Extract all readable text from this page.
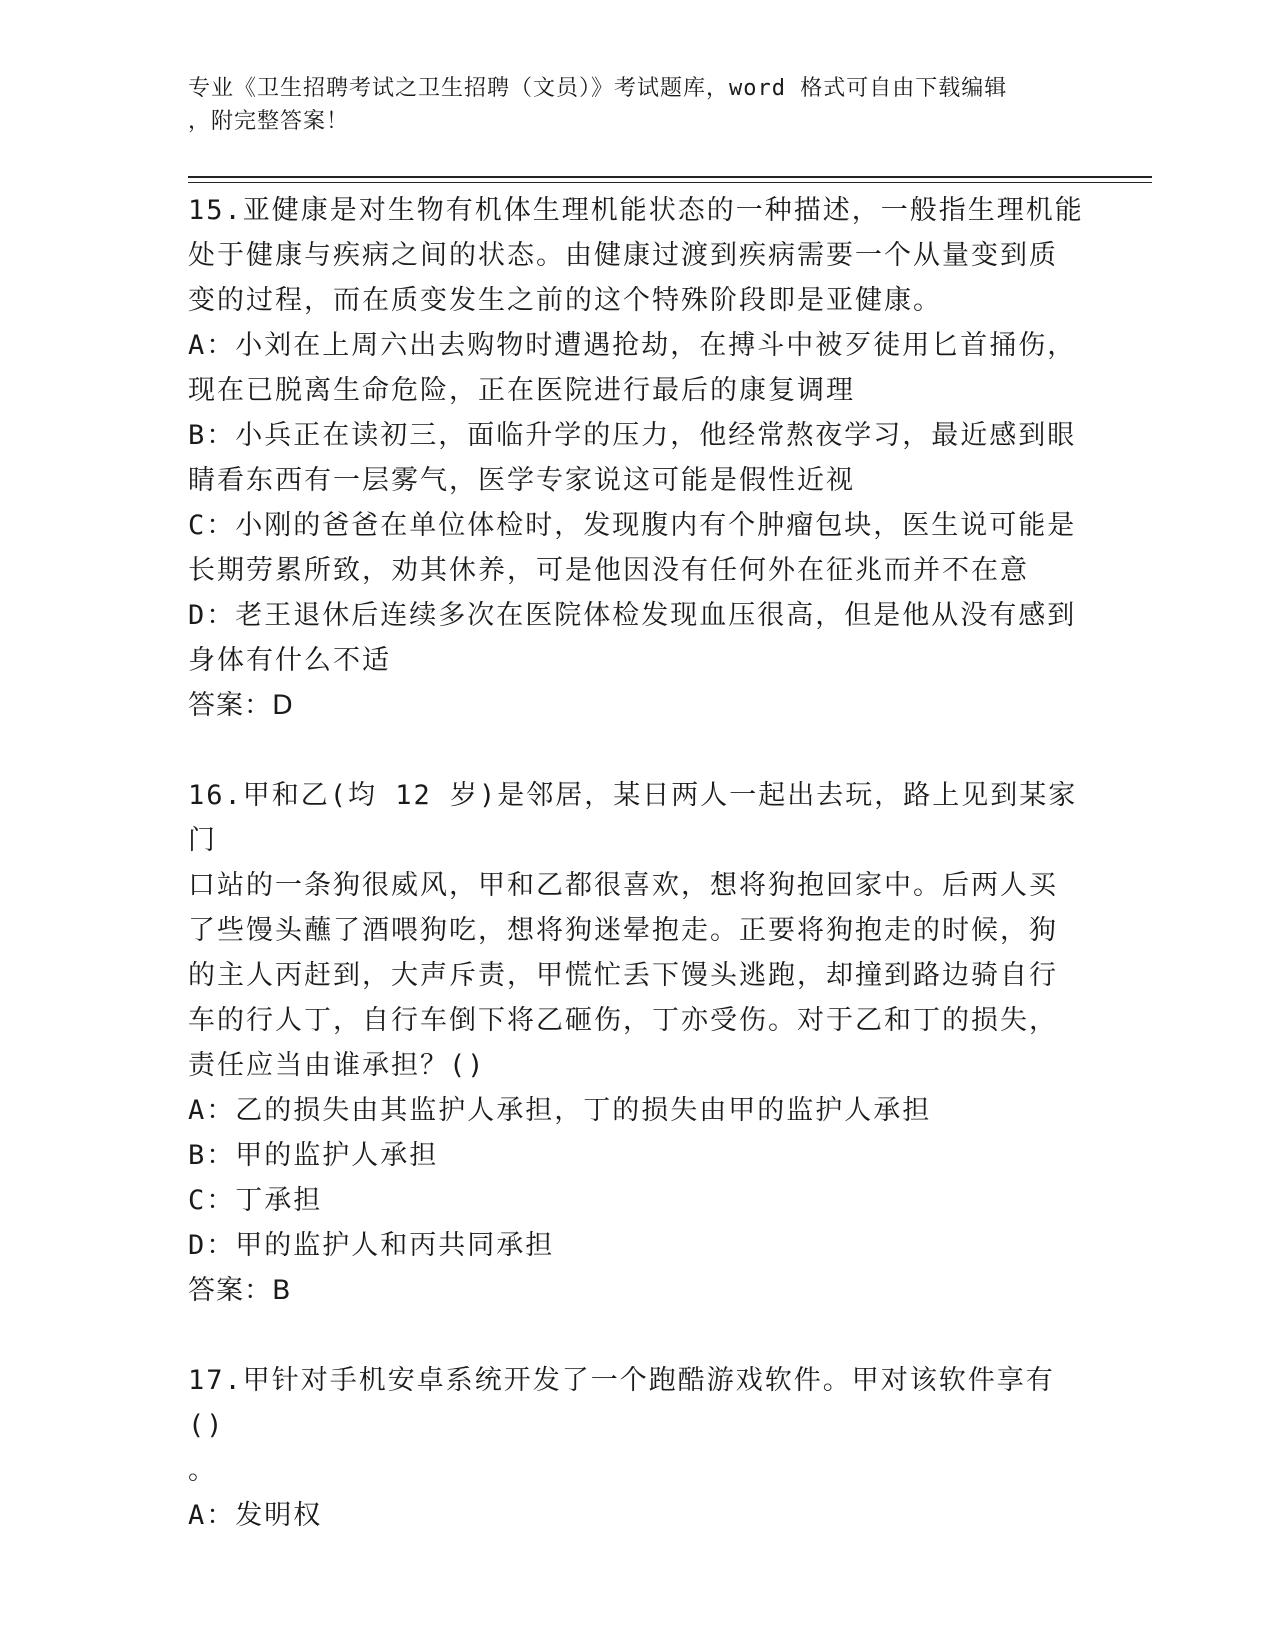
专业《卫生招聘考试之卫生招聘（文员）》考试题库，word 格式可自由下载编辑
，附完整答案！

15.亚健康是对生物有机体生理机能状态的一种描述，一般指生理机能

处于健康与疾病之间的状态。由健康过渡到疾病需要一个从量变到质

变的过程，而在质变发生之前的这个特殊阶段即是亚健康。

A：小刘在上周六出去购物时遭遇抢劫，在搏斗中被歹徒用匕首捅伤，

现在已脱离生命危险，正在医院进行最后的康复调理

B：小兵正在读初三，面临升学的压力，他经常熬夜学习，最近感到眼

睛看东西有一层雾气，医学专家说这可能是假性近视

C：小刚的爸爸在单位体检时，发现腹内有个肿瘤包块，医生说可能是

长期劳累所致，劝其休养，可是他因没有任何外在征兆而并不在意

D：老王退休后连续多次在医院体检发现血压很高，但是他从没有感到

身体有什么不适

答案：D

16.甲和乙(均 12 岁)是邻居，某日两人一起出去玩，路上见到某家门

口站的一条狗很威风，甲和乙都很喜欢，想将狗抱回家中。后两人买

了些馒头蘸了酒喂狗吃，想将狗迷晕抱走。正要将狗抱走的时候，狗

的主人丙赶到，大声斥责，甲慌忙丢下馒头逃跑，却撞到路边骑自行

车的行人丁，自行车倒下将乙砸伤，丁亦受伤。对于乙和丁的损失，

责任应当由谁承担？()

A：乙的损失由其监护人承担，丁的损失由甲的监护人承担

B：甲的监护人承担

C：丁承担

D：甲的监护人和丙共同承担

答案：B

17.甲针对手机安卓系统开发了一个跑酷游戏软件。甲对该软件享有()

。

A：发明权
